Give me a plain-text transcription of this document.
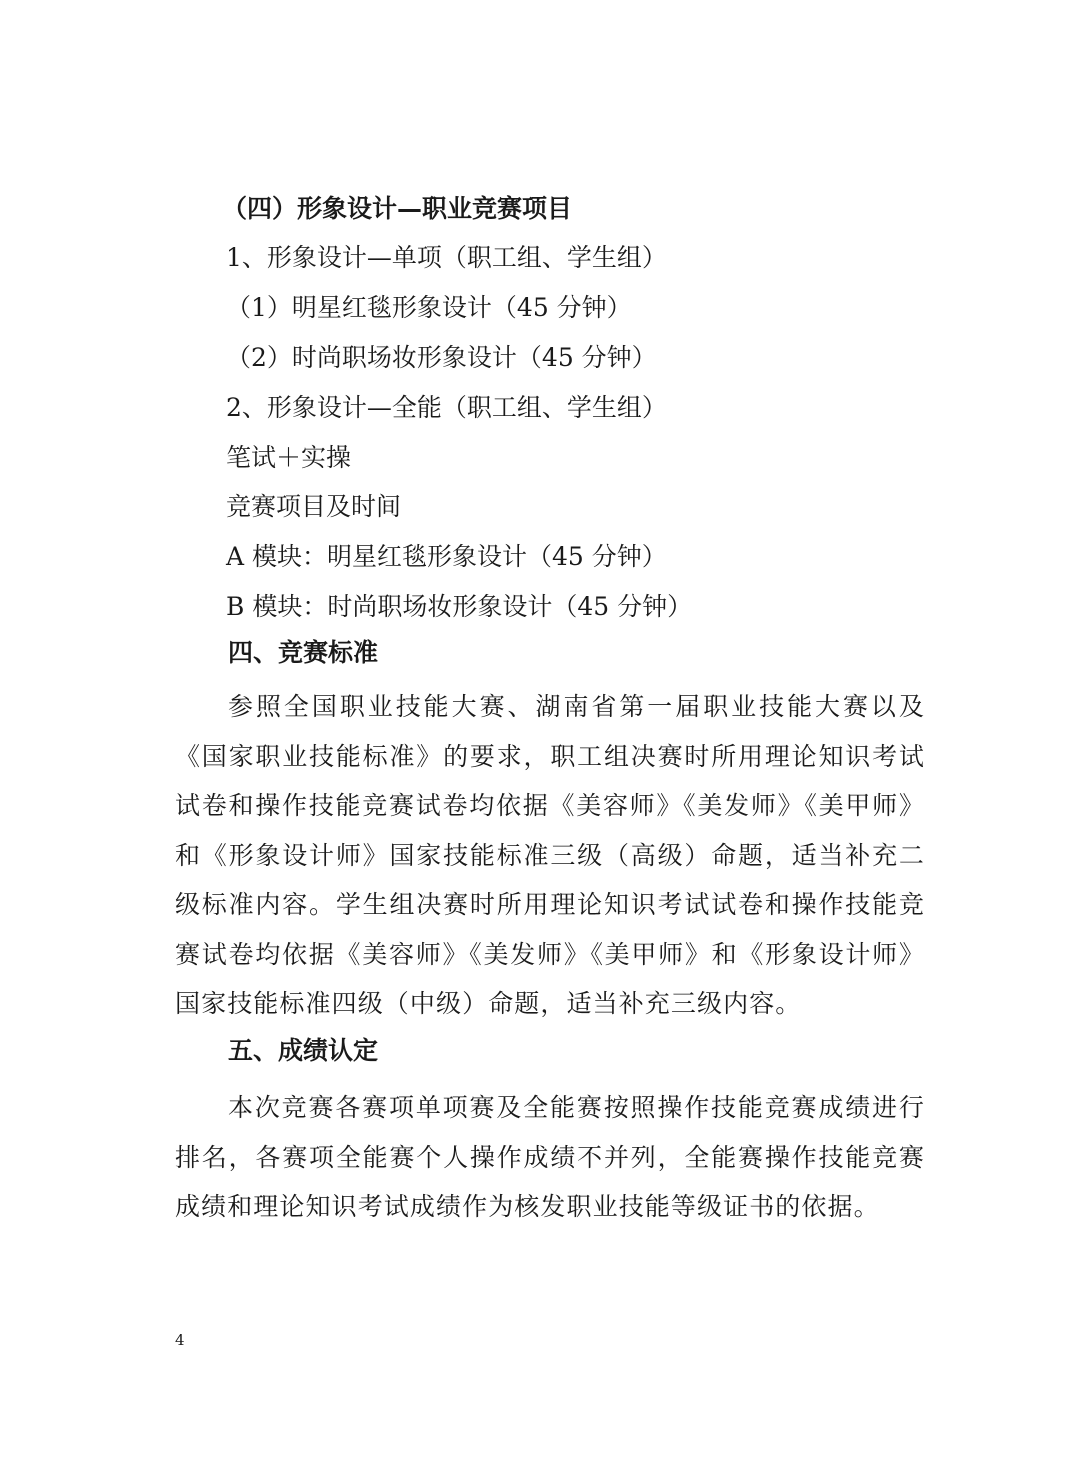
（四）形象设计—职业竞赛项目

1、形象设计—单项（职工组、学生组）

（1）明星红毯形象设计（45 分钟）

（2）时尚职场妆形象设计（45 分钟）

2、形象设计—全能（职工组、学生组）

笔试＋实操

竞赛项目及时间

A 模块：明星红毯形象设计（45 分钟）

B 模块：时尚职场妆形象设计（45 分钟）

四、竞赛标准

参照全国职业技能大赛、湖南省第一届职业技能大赛以及《国家职业技能标准》的要求，职工组决赛时所用理论知识考试试卷和操作技能竞赛试卷均依据《美容师》《美发师》《美甲师》和《形象设计师》国家技能标准三级（高级）命题，适当补充二级标准内容。学生组决赛时所用理论知识考试试卷和操作技能竞赛试卷均依据《美容师》《美发师》《美甲师》和《形象设计师》国家技能标准四级（中级）命题，适当补充三级内容。

五、成绩认定

本次竞赛各赛项单项赛及全能赛按照操作技能竞赛成绩进行排名，各赛项全能赛个人操作成绩不并列，全能赛操作技能竞赛成绩和理论知识考试成绩作为核发职业技能等级证书的依据。

4
